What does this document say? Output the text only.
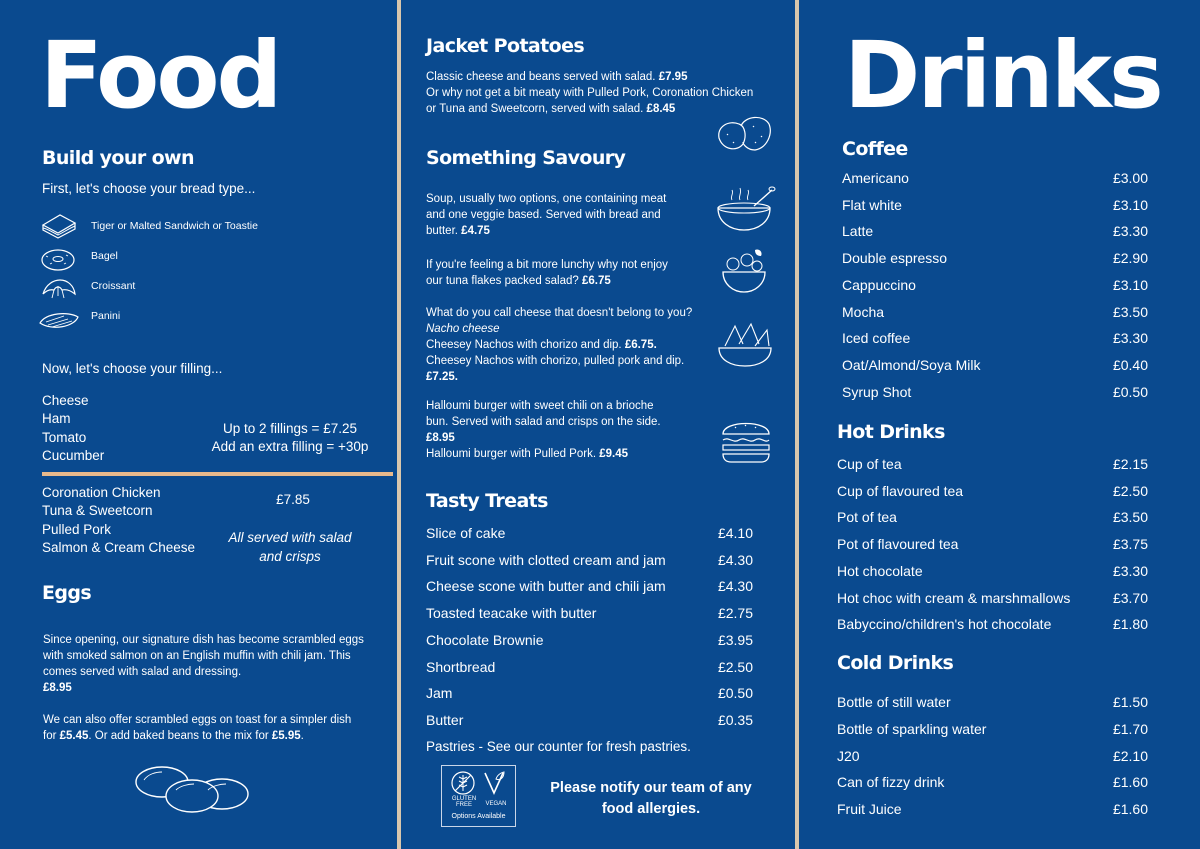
Food
Build your own
First, let's choose your bread type...
Tiger or Malted Sandwich or Toastie
Bagel
Croissant
Panini
Now, let's choose your filling...
Cheese
Ham
Tomato
Cucumber
Up to 2 fillings = £7.25
Add an extra filling = +30p
Coronation Chicken
Tuna & Sweetcorn
Pulled Pork
Salmon & Cream Cheese
£7.85
All served with salad
and crisps
Eggs
Since opening, our signature dish has become scrambled eggs
with smoked salmon on an English muffin with chili jam. This
comes served with salad and dressing.
£8.95
We can also offer scrambled eggs on toast for a simpler dish
for £5.45. Or add baked beans to the mix for £5.95.
Jacket Potatoes
Classic cheese and beans served with salad. £7.95
Or why not get a bit meaty with Pulled Pork, Coronation Chicken
or Tuna and Sweetcorn, served with salad. £8.45
Something Savoury
Soup, usually two options, one containing meat
and one veggie based. Served with bread and
butter. £4.75
If you're feeling a bit more lunchy why not enjoy
our tuna flakes packed salad? £6.75
What do you call cheese that doesn't belong to you?
Nacho cheese
Cheesey Nachos with chorizo and dip. £6.75.
Cheesey Nachos with chorizo, pulled pork and dip.
£7.25.
Halloumi burger with sweet chili on a brioche
bun. Served with salad and crisps on the side.
£8.95
Halloumi burger with Pulled Pork. £9.45
Tasty Treats
Slice of cake	£4.10
Fruit scone with clotted cream and jam	£4.30
Cheese scone with butter and chili jam	£4.30
Toasted teacake with butter	£2.75
Chocolate Brownie	£3.95
Shortbread	£2.50
Jam	£0.50
Butter	£0.35
Pastries - See our counter for fresh pastries.
GLUTEN FREE	VEGAN
Options Available
Please notify our team of any
food allergies.
Drinks
Coffee
Americano	£3.00
Flat white	£3.10
Latte	£3.30
Double espresso	£2.90
Cappuccino	£3.10
Mocha	£3.50
Iced coffee	£3.30
Oat/Almond/Soya Milk	£0.40
Syrup Shot	£0.50
Hot Drinks
Cup of tea	£2.15
Cup of flavoured tea	£2.50
Pot of tea	£3.50
Pot of flavoured tea	£3.75
Hot chocolate	£3.30
Hot choc with cream & marshmallows	£3.70
Babyccino/children's hot chocolate	£1.80
Cold Drinks
Bottle of still water	£1.50
Bottle of sparkling water	£1.70
J20	£2.10
Can of fizzy drink	£1.60
Fruit Juice	£1.60
